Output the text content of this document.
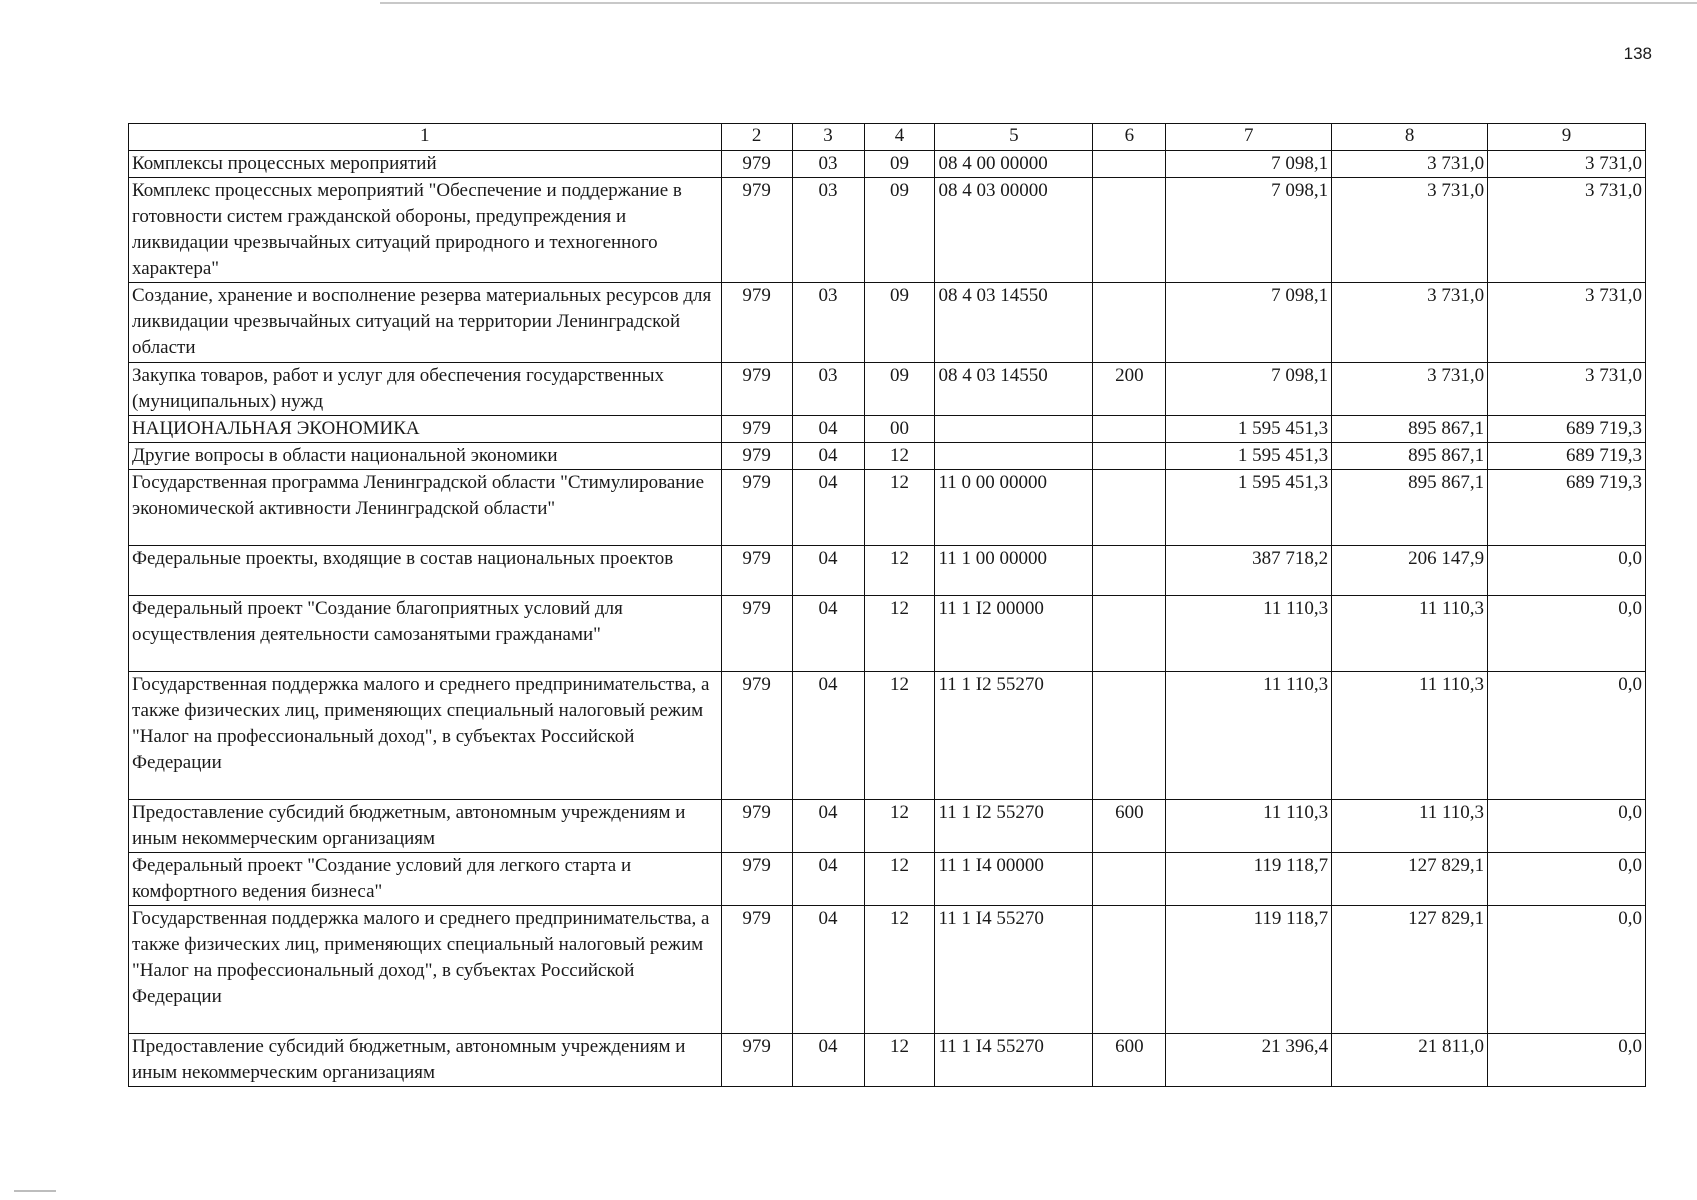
138
1	2	3	4	5	6	7	8	9
Комплексы процессных мероприятий	979	03	09	08 4 00 00000		7 098,1	3 731,0	3 731,0
Комплекс процессных мероприятий "Обеспечение и поддержание в готовности систем гражданской обороны, предупреждения и ликвидации чрезвычайных ситуаций природного и техногенного характера"	979	03	09	08 4 03 00000		7 098,1	3 731,0	3 731,0
Создание, хранение и восполнение резерва материальных ресурсов для ликвидации чрезвычайных ситуаций на территории Ленинградской области	979	03	09	08 4 03 14550		7 098,1	3 731,0	3 731,0
Закупка товаров, работ и услуг для обеспечения государственных (муниципальных) нужд	979	03	09	08 4 03 14550	200	7 098,1	3 731,0	3 731,0
НАЦИОНАЛЬНАЯ ЭКОНОМИКА	979	04	00			1 595 451,3	895 867,1	689 719,3
Другие вопросы в области национальной экономики	979	04	12			1 595 451,3	895 867,1	689 719,3
Государственная программа Ленинградской области "Стимулирование экономической активности Ленинградской области"	979	04	12	11 0 00 00000		1 595 451,3	895 867,1	689 719,3
Федеральные проекты, входящие в состав национальных проектов	979	04	12	11 1 00 00000		387 718,2	206 147,9	0,0
Федеральный проект "Создание благоприятных условий для осуществления деятельности самозанятыми гражданами"	979	04	12	11 1 I2 00000		11 110,3	11 110,3	0,0
Государственная поддержка малого и среднего предпринимательства, а также физических лиц, применяющих специальный налоговый режим "Налог на профессиональный доход", в субъектах Российской Федерации	979	04	12	11 1 I2 55270		11 110,3	11 110,3	0,0
Предоставление субсидий бюджетным, автономным учреждениям и иным некоммерческим организациям	979	04	12	11 1 I2 55270	600	11 110,3	11 110,3	0,0
Федеральный проект "Создание условий для легкого старта и комфортного ведения бизнеса"	979	04	12	11 1 I4 00000		119 118,7	127 829,1	0,0
Государственная поддержка малого и среднего предпринимательства, а также физических лиц, применяющих специальный налоговый режим "Налог на профессиональный доход", в субъектах Российской Федерации	979	04	12	11 1 I4 55270		119 118,7	127 829,1	0,0
Предоставление субсидий бюджетным, автономным учреждениям и иным некоммерческим организациям	979	04	12	11 1 I4 55270	600	21 396,4	21 811,0	0,0
